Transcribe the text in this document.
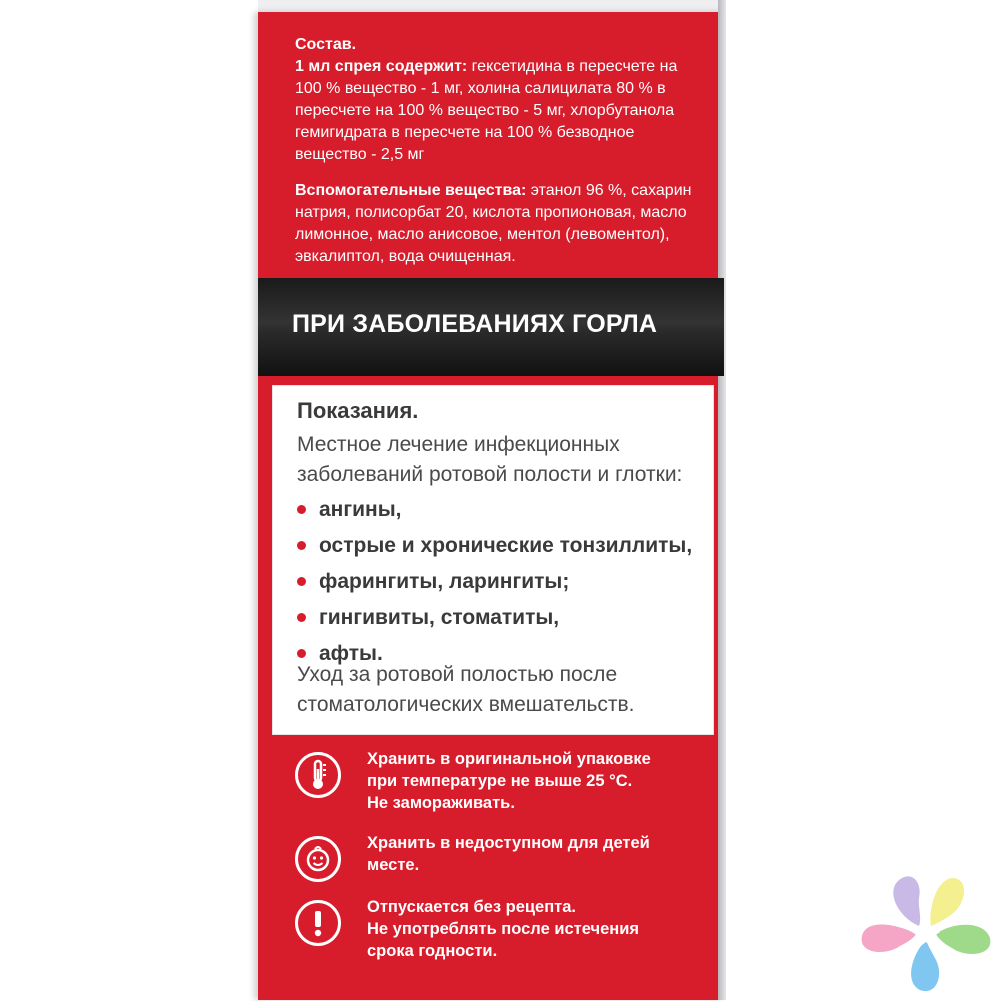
Состав.
1 мл спрея содержит: гексетидина в пересчете на 100 % вещество - 1 мг, холина салицилата 80 % в пересчете на 100 % вещество - 5 мг, хлорбутанола гемигидрата в пересчете на 100 % безводное вещество - 2,5 мг

Вспомогательные вещества: этанол 96 %, сахарин натрия, полисорбат 20, кислота пропионовая, масло лимонное, масло анисовое, ментол (левоментол), эвкалиптол, вода очищенная.

ПРИ ЗАБОЛЕВАНИЯХ ГОРЛА
Показания.
Местное лечение инфекционных
заболеваний ротовой полости и глотки:
ангины,
острые и хронические тонзиллиты,
фарингиты, ларингиты;
гингивиты, стоматиты,
афты.
Уход за ротовой полостью после
стоматологических вмешательств.
Хранить в оригинальной упаковке
при температуре не выше 25 °C.
Не замораживать.
Хранить в недоступном для детей
месте.
Отпускается без рецепта.
Не употреблять после истечения
срока годности.
